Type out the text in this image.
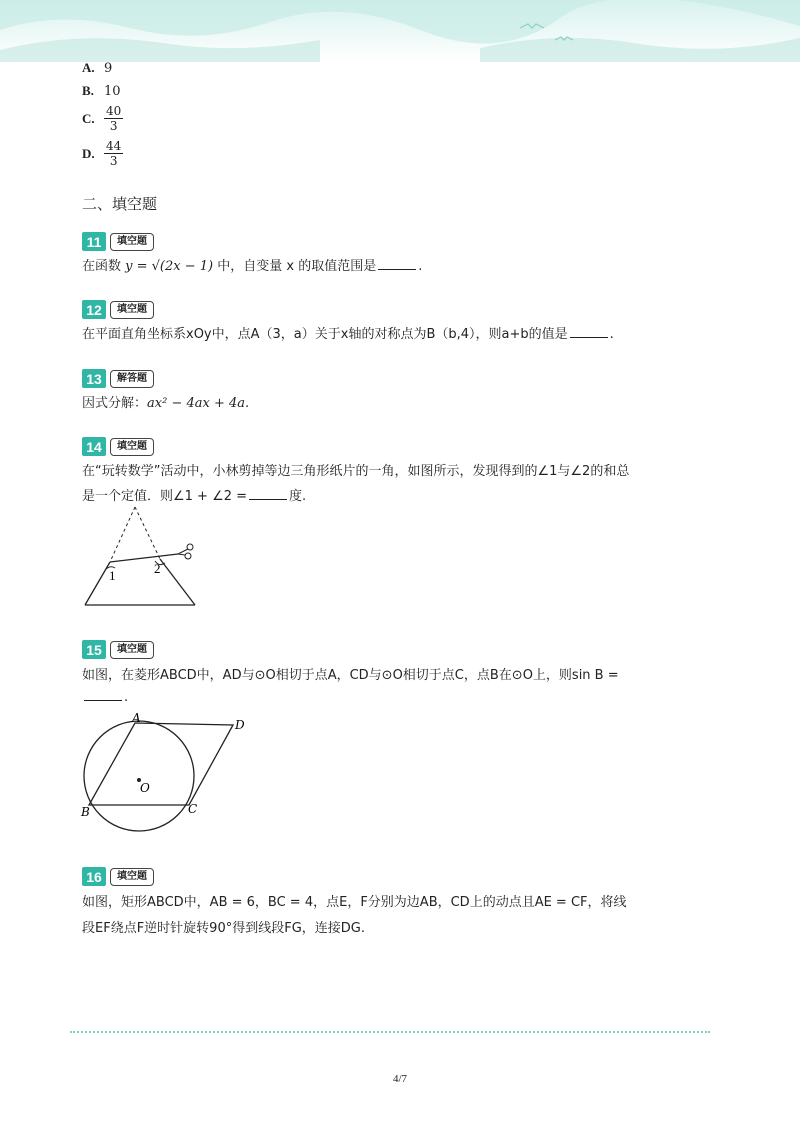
A. 9
B. 10
C. $\frac{40}{3}$
D. $\frac{44}{3}$
二、填空题
11	填空题
在函数 y = √(2x − 1) 中，自变量 x 的取值范围是	.
12	填空题
在平面直角坐标系xOy中，点A（3，a）关于x轴的对称点为B（b,4），则a+b的值是	.
13	解答题
因式分解：ax² − 4ax + 4a.
14	填空题
在“玩转数学”活动中，小林剪掉等边三角形纸片的一角，如图所示，发现得到的∠1与∠2的和总
是一个定值．则∠1 + ∠2 =	度.
1	2
15	填空题
如图，在菱形ABCD中，AD与⊙O相切于点A，CD与⊙O相切于点C，点B在⊙O上，则sin B =
.
A	D
B	C
O
16	填空题
如图，矩形ABCD中，AB = 6，BC = 4，点E，F分别为边AB，CD上的动点且AE = CF，将线
段EF绕点F逆时针旋转90°得到线段FG，连接DG.
4/7
